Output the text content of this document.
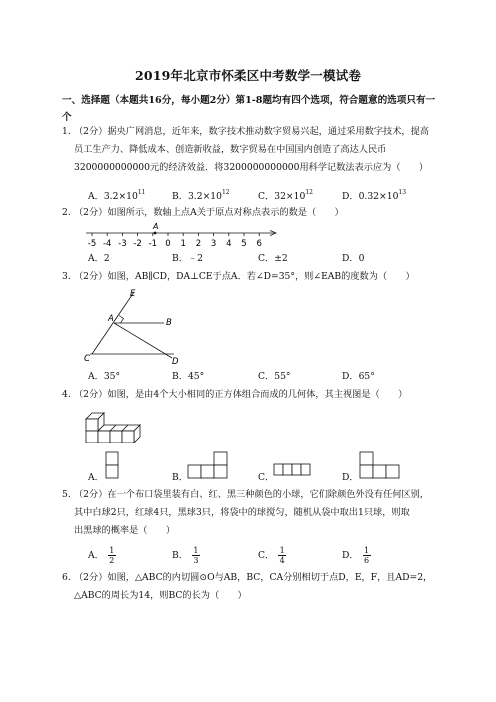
2019年北京市怀柔区中考数学一模试卷
一、选择题（本题共16分，每小题2分）第1-8题均有四个选项，符合题意的选项只有一个
1. （2分）据央广网消息，近年来，数字技术推动数字贸易兴起，通过采用数字技术，提高
员工生产力、降低成本、创造新收益，数字贸易在中国国内创造了高达人民币
3200000000000元的经济效益．将3200000000000用科学记数法表示应为（　　）
A．$3.2\times 10^{11}$	B．$3.2\times 10^{12}$	C．$32\times 10^{12}$	D．$0.32\times 10^{13}$
2. （2分）如图所示，数轴上点A关于原点对称点表示的数是（　　）
-5 -4 -3 -2 -1 0 1 2 3 4 5 6
A
A．2	B．﹣2	C．±2	D．0
3. （2分）如图，AB∥CD，DA⊥CE于点A．若∠D=35°，则∠EAB的度数为（　　）
E
A	B
C	D
A．35°	B．45°	C．55°	D．65°
4. （2分）如图，是由4个大小相同的正方体组合而成的几何体，其主视图是（　　）
A．	B．	C．	D．
5. （2分）在一个布口袋里装有白、红、黑三种颜色的小球，它们除颜色外没有任何区别，
其中白球2只，红球4只，黑球3只，将袋中的球搅匀，随机从袋中取出1只球，则取
出黑球的概率是（　　）
A． $\frac{1}{2}$	B． $\frac{1}{3}$	C． $\frac{1}{4}$	D． $\frac{1}{6}$
6. （2分）如图，△ABC的内切圆⊙O与AB，BC，CA分别相切于点D，E，F，且AD=2，
△ABC的周长为14，则BC的长为（　　）
